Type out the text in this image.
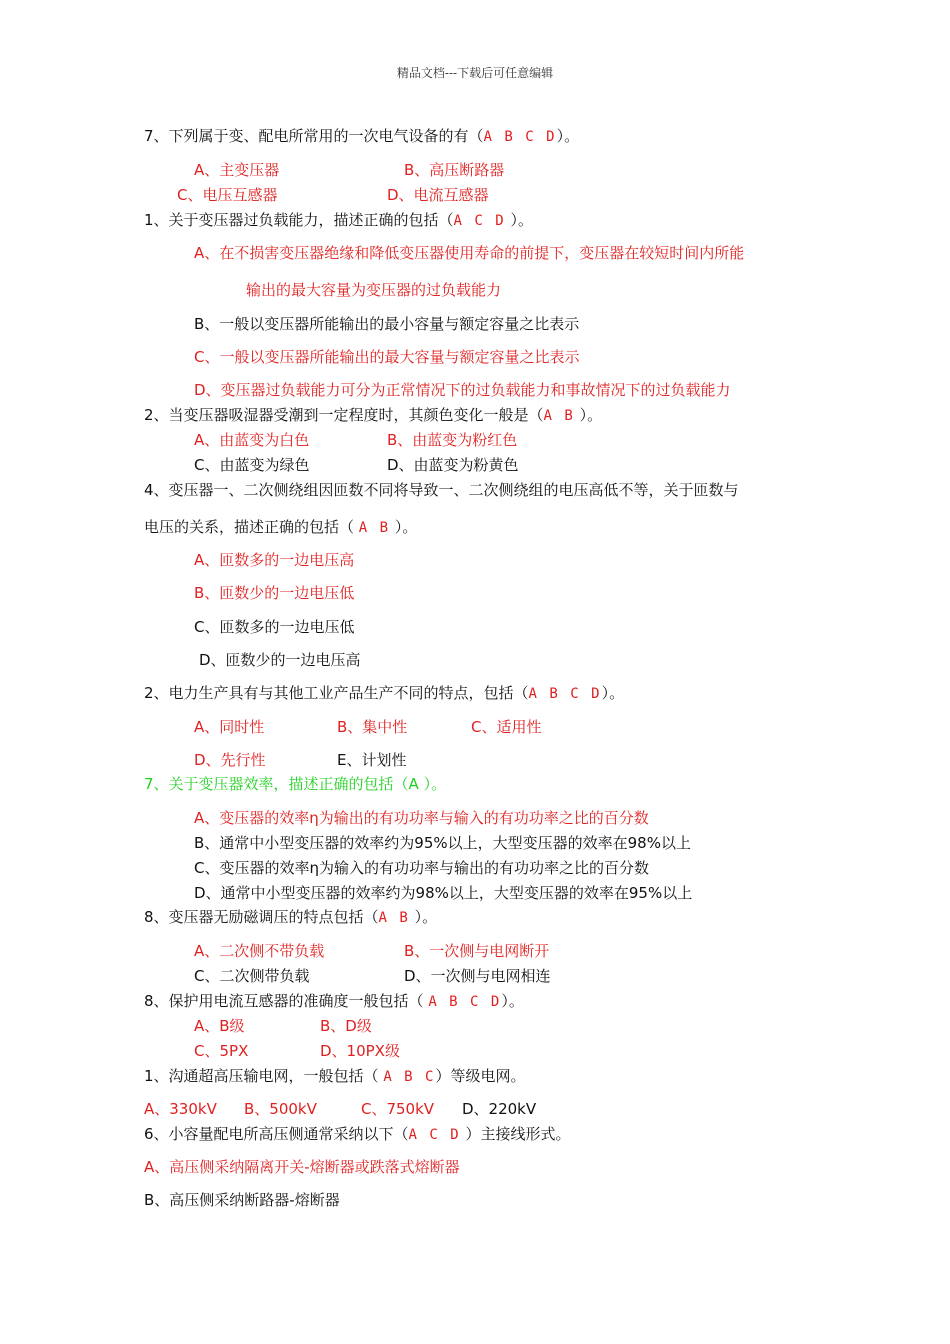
精品文档---下载后可任意编辑
7、下列属于变、配电所常用的一次电气设备的有（A B C D）。
A、主变压器	B、高压断路器
C、电压互感器	D、电流互感器
1、关于变压器过负载能力，描述正确的包括（A C D ）。
A、在不损害变压器绝缘和降低变压器使用寿命的前提下，变压器在较短时间内所能
输出的最大容量为变压器的过负载能力
B、一般以变压器所能输出的最小容量与额定容量之比表示
C、一般以变压器所能输出的最大容量与额定容量之比表示
D、变压器过负载能力可分为正常情况下的过负载能力和事故情况下的过负载能力
2、当变压器吸湿器受潮到一定程度时，其颜色变化一般是（A B ）。
A、由蓝变为白色	B、由蓝变为粉红色
C、由蓝变为绿色	D、由蓝变为粉黄色
4、变压器一、二次侧绕组因匝数不同将导致一、二次侧绕组的电压高低不等，关于匝数与
电压的关系，描述正确的包括（ A B ）。
A、匝数多的一边电压高
B、匝数少的一边电压低
C、匝数多的一边电压低
D、匝数少的一边电压高
2、电力生产具有与其他工业产品生产不同的特点，包括（A B C D）。
A、同时性	B、集中性	C、适用性
D、先行性	E、计划性
7、关于变压器效率，描述正确的包括（A ）。
A、变压器的效率η为输出的有功功率与输入的有功功率之比的百分数
B、通常中小型变压器的效率约为95%以上，大型变压器的效率在98%以上
C、变压器的效率η为输入的有功功率与输出的有功功率之比的百分数
D、通常中小型变压器的效率约为98%以上，大型变压器的效率在95%以上
8、变压器无励磁调压的特点包括（A B ）。
A、二次侧不带负载	B、一次侧与电网断开
C、二次侧带负载	D、一次侧与电网相连
8、保护用电流互感器的准确度一般包括（ A B C D）。
A、B级	B、D级
C、5PX	D、10PX级
1、沟通超高压输电网，一般包括（ A B C）等级电网。
A、330kV B、500kV	C、750kV D、220kV
6、小容量配电所高压侧通常采纳以下（A C D ）主接线形式。
A、高压侧采纳隔离开关-熔断器或跌落式熔断器
B、高压侧采纳断路器-熔断器
